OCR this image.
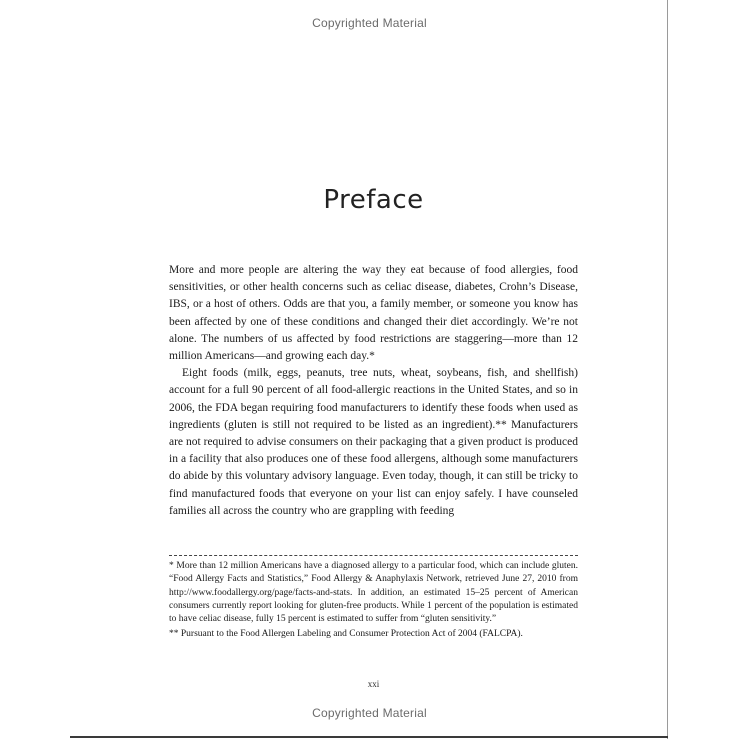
Copyrighted Material
Preface

More and more people are altering the way they eat because of food allergies, food sensitivities, or other health concerns such as celiac disease, diabetes, Crohn’s Disease, IBS, or a host of others. Odds are that you, a family member, or someone you know has been affected by one of these conditions and changed their diet accordingly. We’re not alone. The numbers of us affected by food restrictions are staggering—more than 12 million Americans—and growing each day.*

Eight foods (milk, eggs, peanuts, tree nuts, wheat, soybeans, fish, and shellfish) account for a full 90 percent of all food-allergic reactions in the United States, and so in 2006, the FDA began requiring food manufacturers to identify these foods when used as ingredients (gluten is still not required to be listed as an ingredient).** Manufacturers are not required to advise consumers on their packaging that a given product is produced in a facility that also produces one of these food allergens, although some manufacturers do abide by this voluntary advisory language. Even today, though, it can still be tricky to find manufactured foods that everyone on your list can enjoy safely. I have counseled families all across the country who are grappling with feeding

* More than 12 million Americans have a diagnosed allergy to a particular food, which can include gluten. “Food Allergy Facts and Statistics,” Food Allergy & Anaphylaxis Network, retrieved June 27, 2010 from http://www.foodallergy.org/page/facts-and-stats. In addition, an estimated 15–25 percent of American consumers currently report looking for gluten-free products. While 1 percent of the population is estimated to have celiac disease, fully 15 percent is estimated to suffer from “gluten sensitivity.”

** Pursuant to the Food Allergen Labeling and Consumer Protection Act of 2004 (FALCPA).

xxi
Copyrighted Material
